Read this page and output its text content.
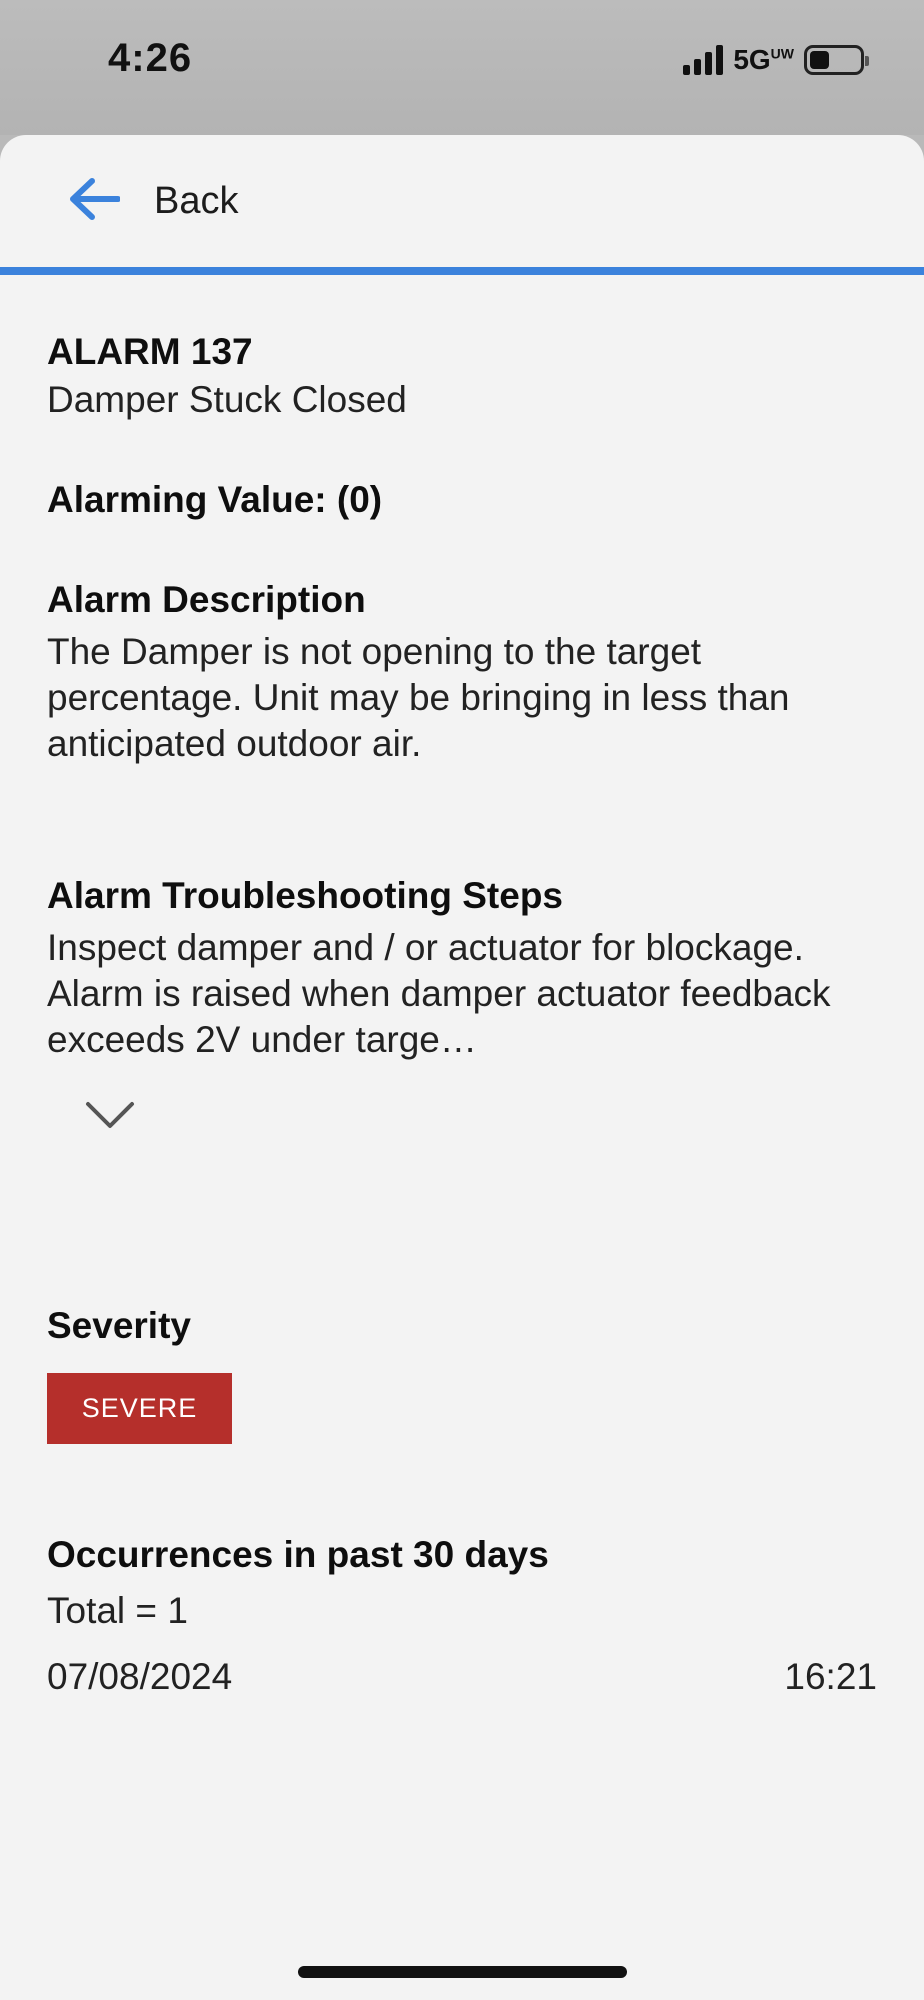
4:26	$5G^{UW}$
Back
ALARM 137
Damper Stuck Closed
Alarming Value: (0)
Alarm Description
The Damper is not opening to the target percentage. Unit may be bringing in less than anticipated outdoor air.
Alarm Troubleshooting Steps
Inspect damper and / or actuator for blockage. Alarm is raised when damper actuator feedback exceeds 2V under targe…
Severity
SEVERE
Occurrences in past 30 days
Total = 1
07/08/2024	16:21
